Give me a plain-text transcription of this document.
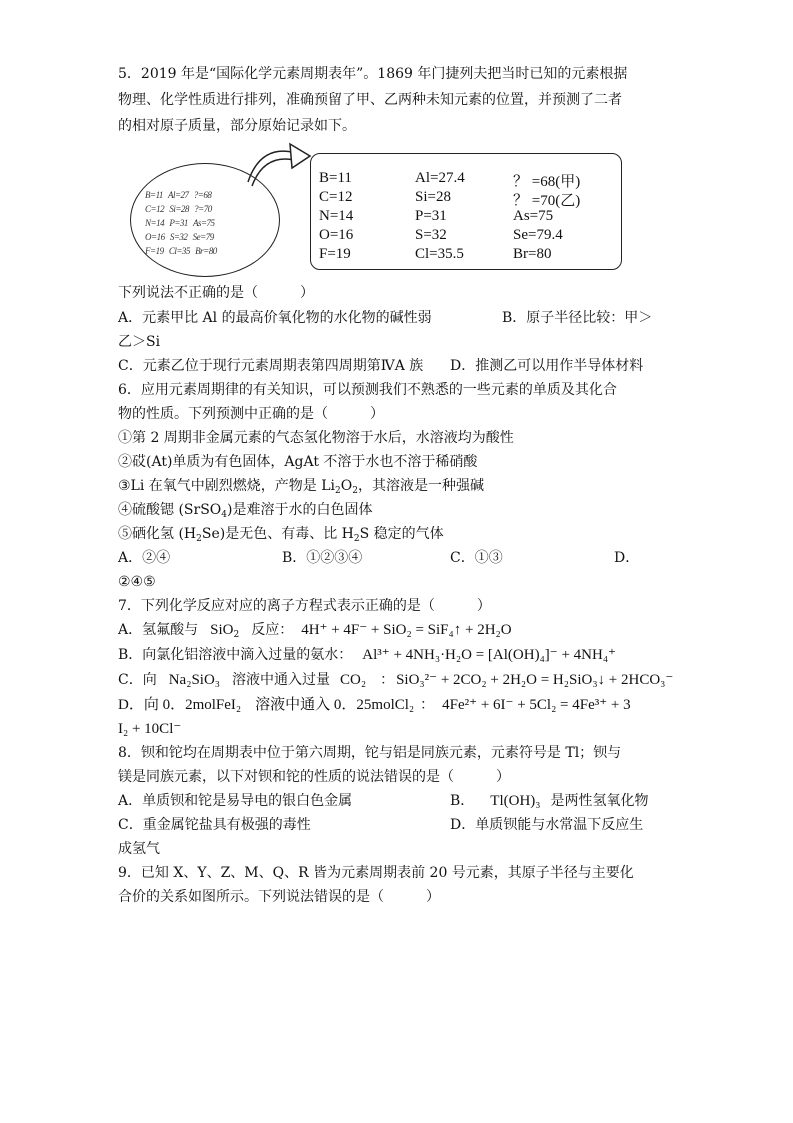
5．2019 年是“国际化学元素周期表年”。1869 年门捷列夫把当时已知的元素根据
物理、化学性质进行排列，准确预留了甲、乙两种未知元素的位置，并预测了二者
的相对原子质量，部分原始记录如下。
B=11   Al=27   ?=68
C=12   Si=28   ?=70
N=14   P=31   As=75
O=16   S=32   Se=79
F=19   Cl=35   Br=80
B=11	Al=27.4	？ =68(甲)
C=12	Si=28	？ =70(乙)
N=14	P=31	As=75
O=16	S=32	Se=79.4
F=19	Cl=35.5	Br=80
下列说法不正确的是（　　　）
A．元素甲比 Al 的最高价氧化物的水化物的碱性弱	B．原子半径比较：甲＞
乙＞Si
C．元素乙位于现行元素周期表第四周期第ⅣA 族 D．推测乙可以用作半导体材料
6．应用元素周期律的有关知识，可以预测我们不熟悉的一些元素的单质及其化合
物的性质。下列预测中正确的是（　　　）
①第 2 周期非金属元素的气态氢化物溶于水后，水溶液均为酸性
②砹(At)单质为有色固体，AgAt 不溶于水也不溶于稀硝酸
③Li 在氧气中剧烈燃烧，产物是 $Li_2O_2$，其溶液是一种强碱
④硫酸锶 (SrSO$_4$)是难溶于水的白色固体
⑤硒化氢 $(H_2Se)$是无色、有毒、比 $H_2S$ 稳定的气体
A．②④	B．①②③④	C．①③	D．
②④⑤
7．下列化学反应对应的离子方程式表示正确的是（　　　）
A．氢氟酸与 SiO$_2$ 反应： 4H⁺ + 4F⁻ + SiO₂ = SiF₄↑ + 2H₂O
B．向氯化铝溶液中滴入过量的氨水： Al³⁺ + 4NH₃·H₂O = [Al(OH)₄]⁻ + 4NH₄⁺
C．向 Na₂SiO₃ 溶液中通入过量 CO₂ ： SiO₃²⁻ + 2CO₂ + 2H₂O = H₂SiO₃↓ + 2HCO₃⁻
D．向 0．2molFeI₂ 溶液中通入 0．25molCl₂ ： 4Fe²⁺ + 6I⁻ + 5Cl₂ = 4Fe³⁺ + 3
I₂ + 10Cl⁻
8．钡和铊均在周期表中位于第六周期，铊与铝是同族元素，元素符号是 Tl；钡与
镁是同族元素，以下对钡和铊的性质的说法错误的是（　　　）
A．单质钡和铊是易导电的银白色金属	B． Tl(OH)₃ 是两性氢氧化物
C．重金属铊盐具有极强的毒性	D．单质钡能与水常温下反应生
成氢气
9．已知 X、Y、Z、M、Q、R 皆为元素周期表前 20 号元素，其原子半径与主要化
合价的关系如图所示。下列说法错误的是（　　　）
